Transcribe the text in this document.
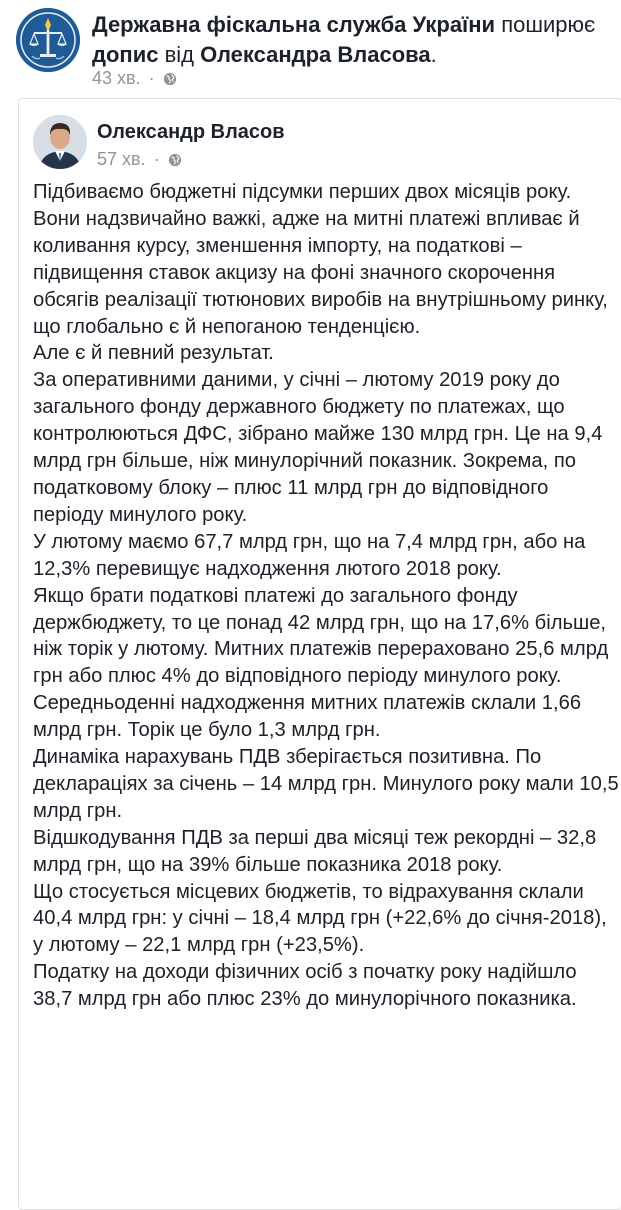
Державна фіскальна служба України поширює допис від Олександра Власова.
43 хв. ·
Олександр Власов
57 хв. ·

Підбиваємо бюджетні підсумки перших двох місяців року. Вони надзвичайно важкі, адже на митні платежі впливає й коливання курсу, зменшення імпорту, на податкові – підвищення ставок акцизу на фоні значного скорочення обсягів реалізації тютюнових виробів на внутрішньому ринку, що глобально є й непоганою тенденцією.

Але є й певний результат.

За оперативними даними, у січні – лютому 2019 року до загального фонду державного бюджету по платежах, що контролюються ДФС, зібрано майже 130 млрд грн. Це на 9,4 млрд грн більше, ніж минулорічний показник. Зокрема, по податковому блоку – плюс 11 млрд грн до відповідного періоду минулого року.

У лютому маємо 67,7 млрд грн, що на 7,4 млрд грн, або на 12,3% перевищує надходження лютого 2018 року.

Якщо брати податкові платежі до загального фонду держбюджету, то це понад 42 млрд грн, що на 17,6% більше, ніж торік у лютому. Митних платежів перераховано 25,6 млрд грн або плюс 4% до відповідного періоду минулого року. Середньоденні надходження митних платежів склали 1,66 млрд грн. Торік це було 1,3 млрд грн.

Динаміка нарахувань ПДВ зберігається позитивна. По деклараціях за січень – 14 млрд грн. Минулого року мали 10,5 млрд грн.

Відшкодування ПДВ за перші два місяці теж рекордні – 32,8 млрд грн, що на 39% більше показника 2018 року.

Що стосується місцевих бюджетів, то відрахування склали 40,4 млрд грн: у січні – 18,4 млрд грн (+22,6% до січня-2018), у лютому – 22,1 млрд грн (+23,5%).

Податку на доходи фізичних осіб з початку року надійшло 38,7 млрд грн або плюс 23% до минулорічного показника.
